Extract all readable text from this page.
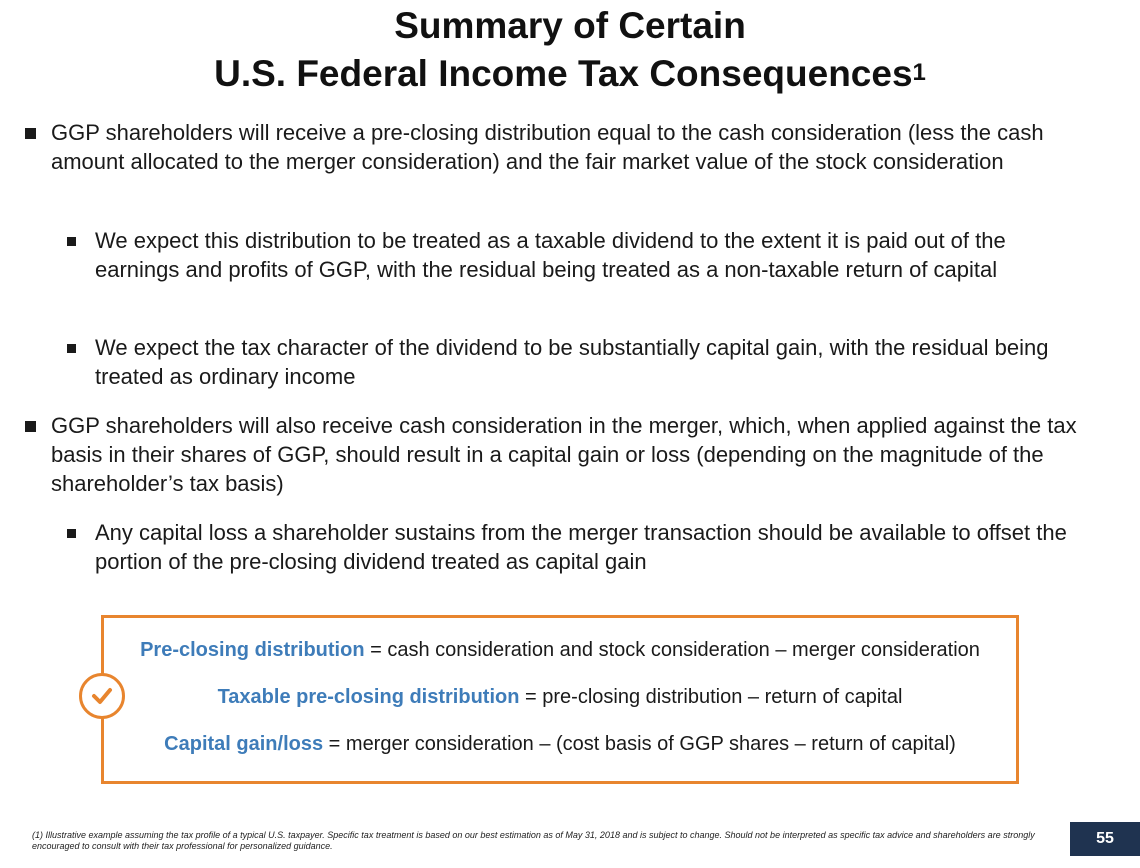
Summary of Certain
U.S. Federal Income Tax Consequences$^1$
GGP shareholders will receive a pre-closing distribution equal to the cash consideration (less the cash amount allocated to the merger consideration) and the fair market value of the stock consideration
We expect this distribution to be treated as a taxable dividend to the extent it is paid out of the earnings and profits of GGP, with the residual being treated as a non-taxable return of capital
We expect the tax character of the dividend to be substantially capital gain, with the residual being treated as ordinary income
GGP shareholders will also receive cash consideration in the merger, which, when applied against the tax basis in their shares of GGP, should result in a capital gain or loss (depending on the magnitude of the shareholder’s tax basis)
Any capital loss a shareholder sustains from the merger transaction should be available to offset the portion of the pre-closing dividend treated as capital gain
Pre-closing distribution = cash consideration and stock consideration – merger consideration
Taxable pre-closing distribution = pre-closing distribution – return of capital
Capital gain/loss = merger consideration – (cost basis of GGP shares – return of capital)
(1) Illustrative example assuming the tax profile of a typical U.S. taxpayer. Specific tax treatment is based on our best estimation as of May 31, 2018 and is subject to change. Should not be interpreted as specific tax advice and shareholders are strongly encouraged to consult with their tax professional for personalized guidance.	55
